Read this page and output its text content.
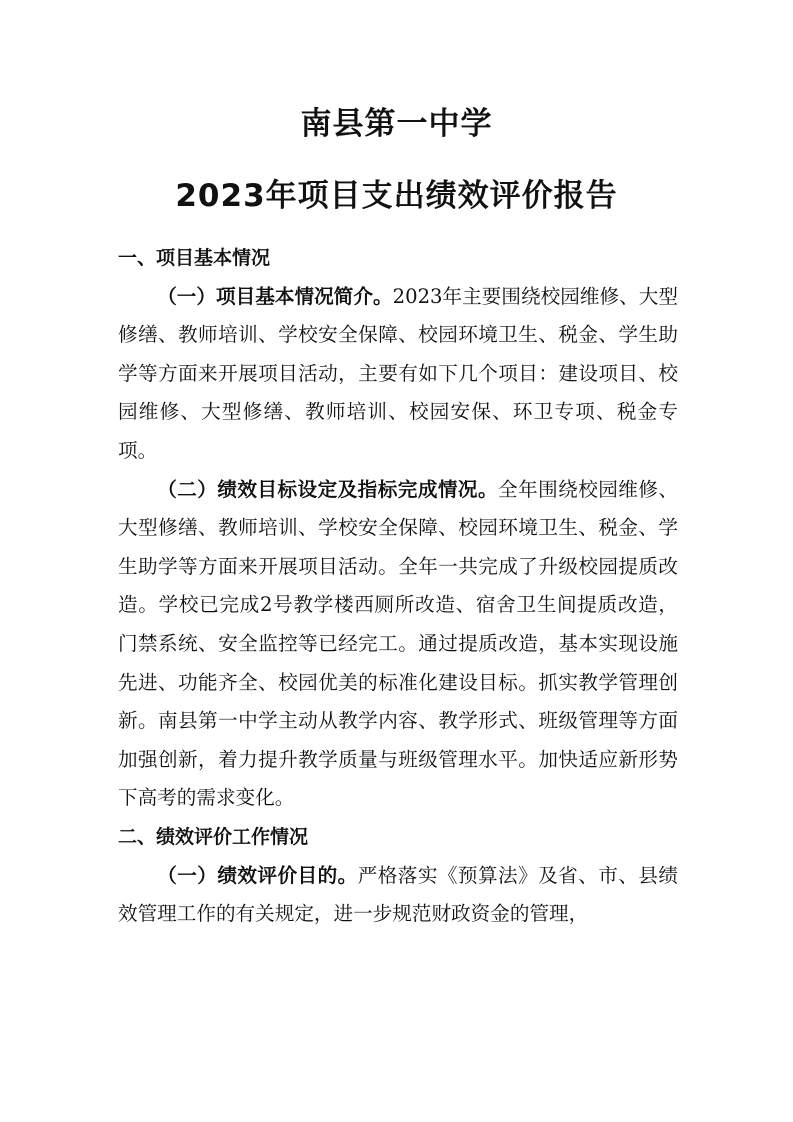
南县第一中学
2023年项目支出绩效评价报告

一、项目基本情况

（一）项目基本情况简介。2023年主要围绕校园维修、大型修缮、教师培训、学校安全保障、校园环境卫生、税金、学生助学等方面来开展项目活动，主要有如下几个项目：建设项目、校园维修、大型修缮、教师培训、校园安保、环卫专项、税金专项。

（二）绩效目标设定及指标完成情况。全年围绕校园维修、大型修缮、教师培训、学校安全保障、校园环境卫生、税金、学生助学等方面来开展项目活动。全年一共完成了升级校园提质改造。学校已完成2号教学楼西厕所改造、宿舍卫生间提质改造，门禁系统、安全监控等已经完工。通过提质改造，基本实现设施先进、功能齐全、校园优美的标准化建设目标。抓实教学管理创新。南县第一中学主动从教学内容、教学形式、班级管理等方面加强创新，着力提升教学质量与班级管理水平。加快适应新形势下高考的需求变化。

二、绩效评价工作情况

（一）绩效评价目的。严格落实《预算法》及省、市、县绩效管理工作的有关规定，进一步规范财政资金的管理，
